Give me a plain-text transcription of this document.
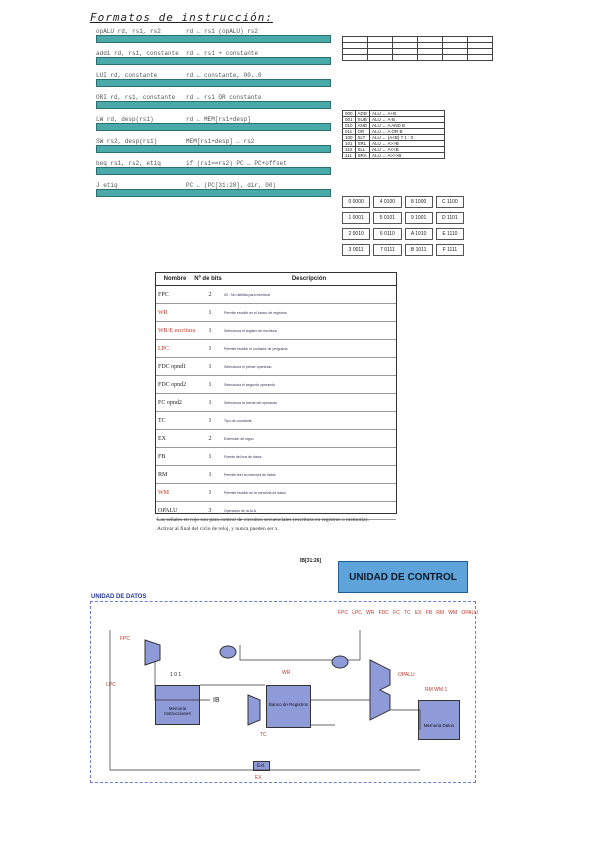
Formatos de instrucción:
opALU rd, rs1, rs2	rd ← rs1 (opALU) rs2
addi rd, rs1, constante rd ← rs1 + constante
LUI rd, constante	rd ← constante, 00..0
ORI rd, rs1, constante rd ← rs1 OR constante
LW rd, desp(rs1)	rd ← MEM[rs1+desp]
SW rs2, desp(rs1)	MEM[rs1+desp] ← rs2
beq rs1, rs2, etiq	if (rs1==rs2) PC ← PC+offset
J etiq	PC ← (PC[31:28], dir, 00)
000	ADD	ALU ← A+B
001	SUB	ALU ← A-B
010	AND	ALU ← A AND B
011	OR	ALU ← A OR B
100	SLT	ALU ← (A<B) ? 1 : 0
101	SRL	ALU ← A>>B
110	SLL	ALU ← A<<B
111	SRA	ALU ← A>>>B

0 0000	4 0100	8 1000	C 1100
1 0001	5 0101	9 1001	D 1101
2 0010	6 0110	A 1010	E 1110
3 0011	7 0111	B 1011	F 1111
Nombre	Nº de bits	Descripción
FPC	2	00 - No habilita para escritura
WR	1	Permite escribir en el banco de registros
WR/E escritura	1	Selecciona el registro de escritura
LPC	1	Permite escribir el contador de programa
FDC opnd1	1	Selecciona el primer operando
FDC opnd2	1	Selecciona el segundo operando
FC opnd2	1	Selecciona la fuente del operando
TC	1	Tipo de constante
EX	2	Extensión de signo
FB	1	Fuente del bus de datos
RM	1	Permite leer la memoria de datos
WM	1	Permite escribir en la memoria de datos
OPALU	3	Operación de la ALU
Las señales en rojo son para control de circuitos secuenciales (escritura en registros o memoria).
Activar al final del ciclo de reloj, y nunca pueden ser x.
IB[31:26]
UNIDAD DE CONTROL
UNIDAD DE DATOS
FPC LPC WR FDC FC TC EX FB RM WM OPALU
Memoria Instrucciones
Banco de Registros
Memoria Datos
1 0 1	WR
IB
LPC
FPC
RM WM 1
OPALU
TC
Ext.
EX
